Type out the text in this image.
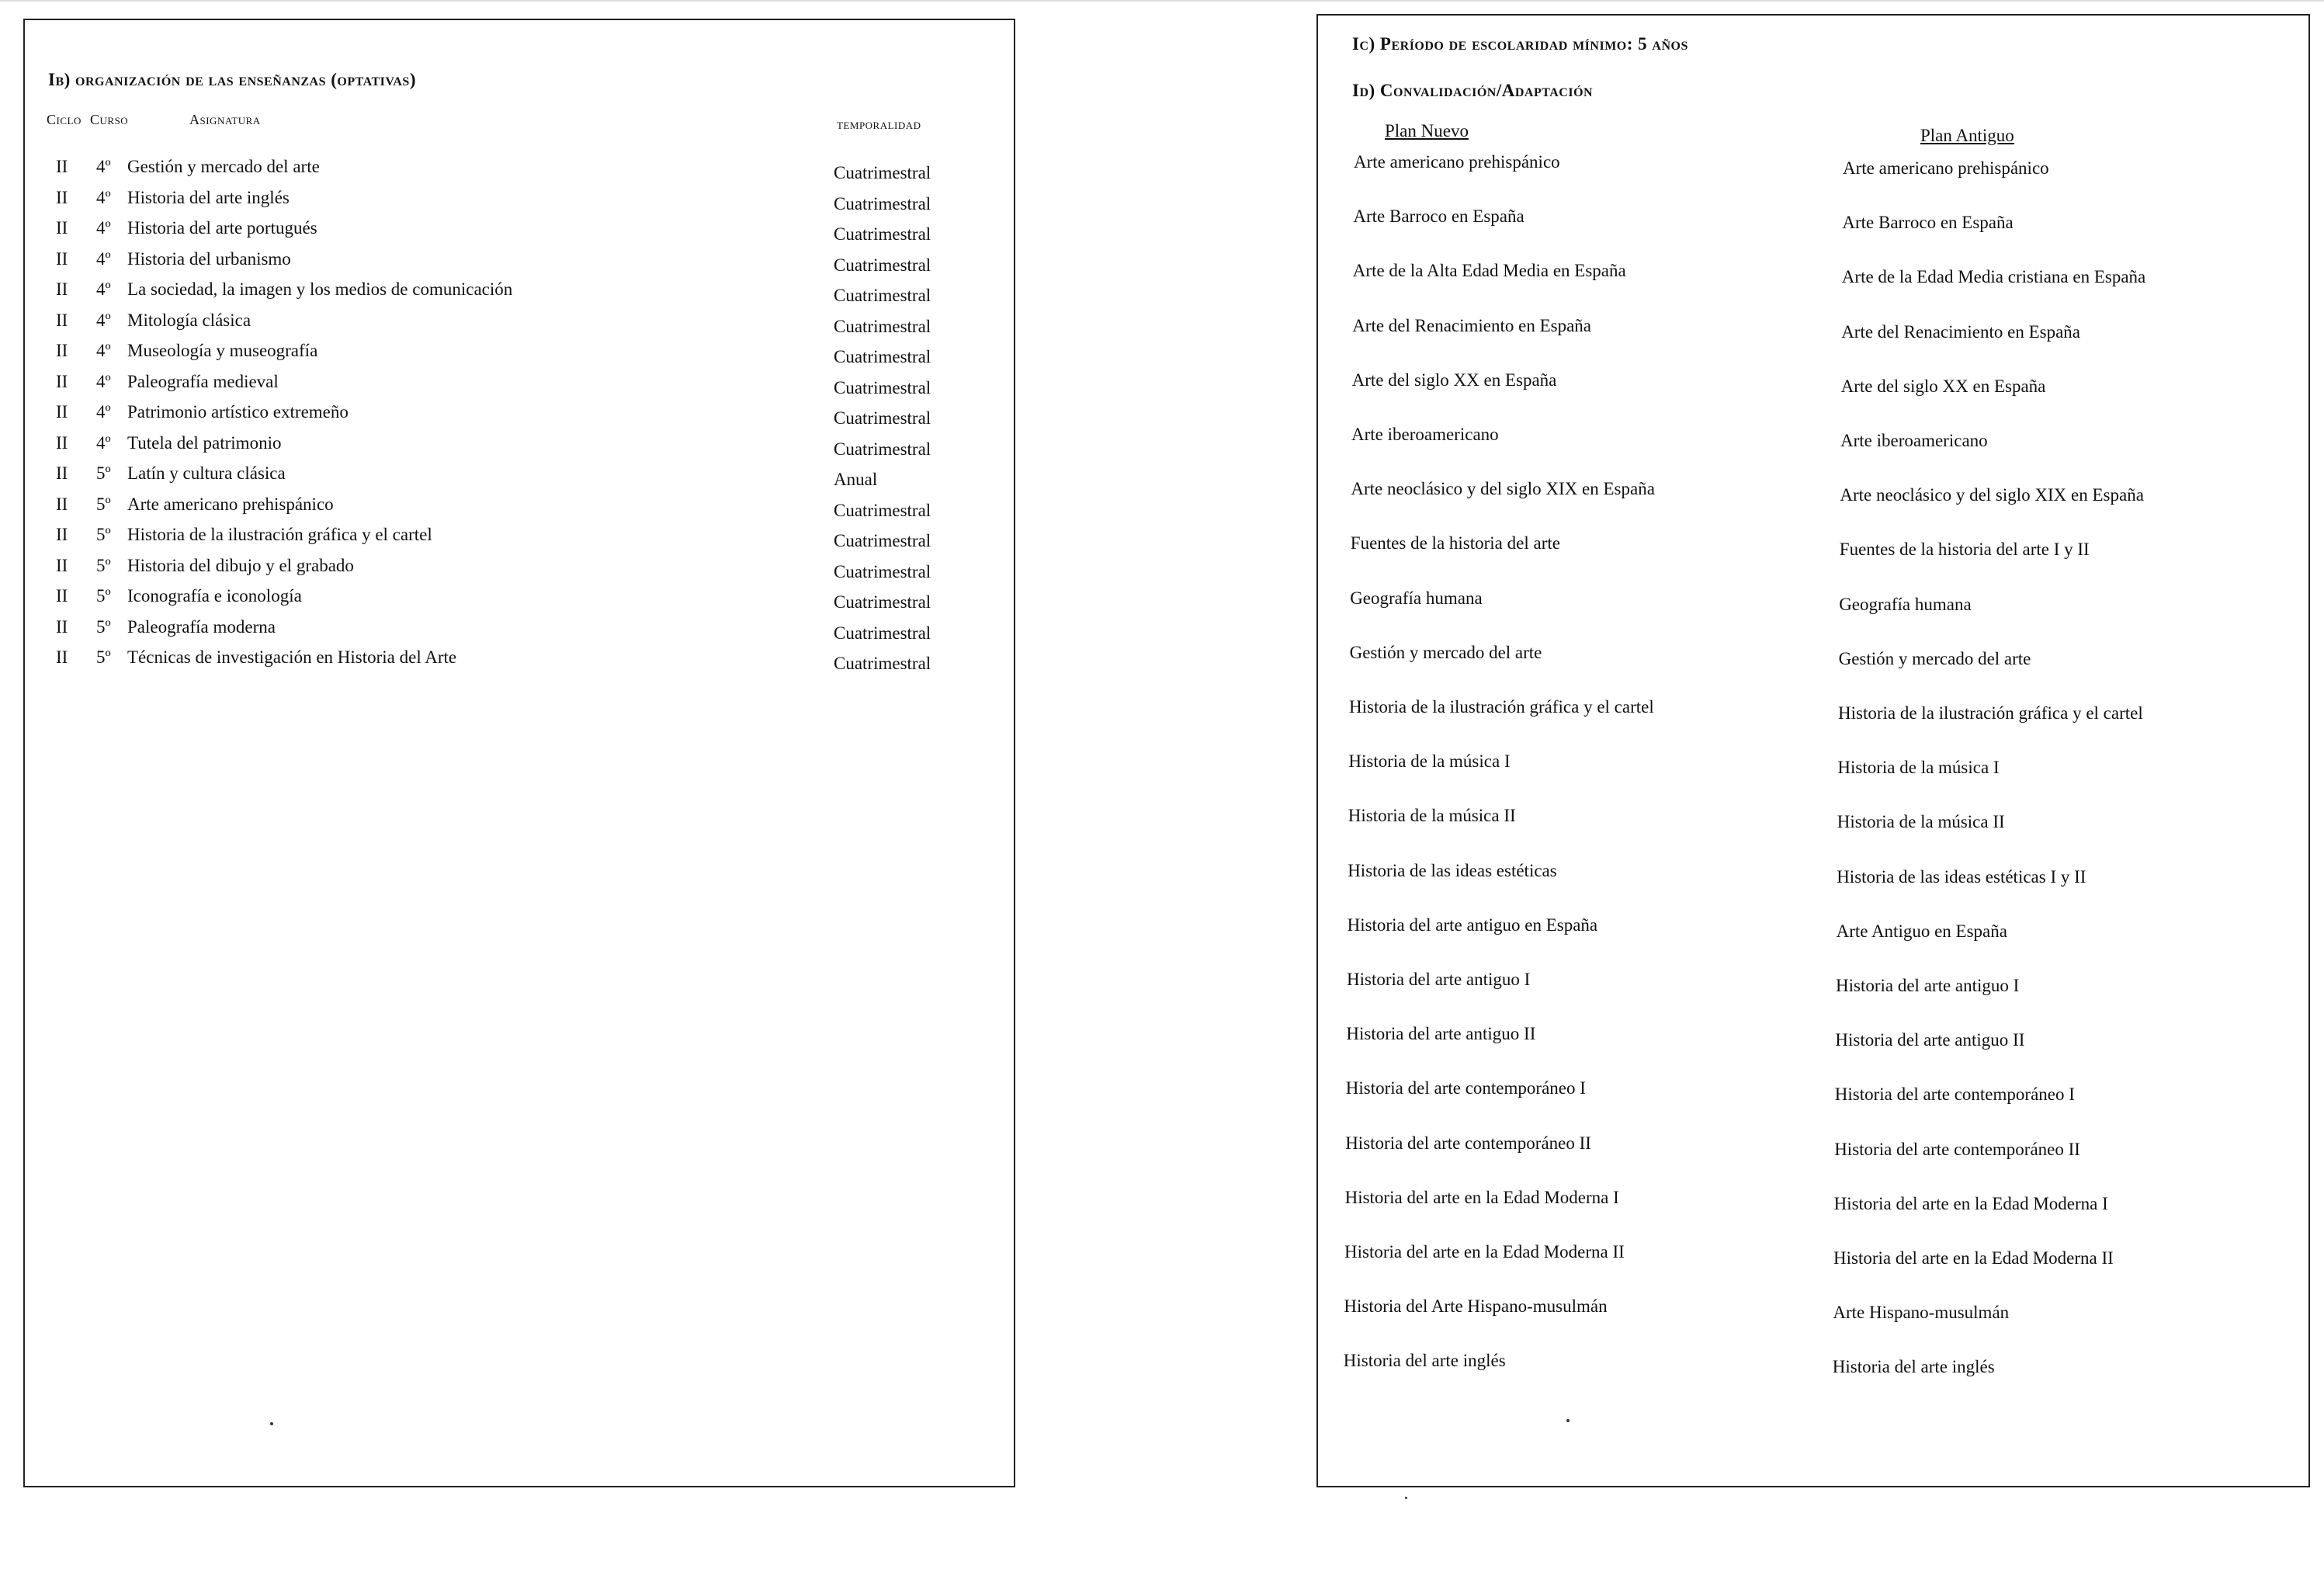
Ib) organización de las enseñanzas (optativas)
Ciclo Curso	Asignatura	temporalidad
II 4º Gestión y mercado del arte	Cuatrimestral
II 4º Historia del arte inglés	Cuatrimestral
II 4º Historia del arte portugués	Cuatrimestral
II 4º Historia del urbanismo	Cuatrimestral
II 4º La sociedad, la imagen y los medios de comunicación	Cuatrimestral
II 4º Mitología clásica	Cuatrimestral
II 4º Museología y museografía	Cuatrimestral
II 4º Paleografía medieval	Cuatrimestral
II 4º Patrimonio artístico extremeño	Cuatrimestral
II 4º Tutela del patrimonio	Cuatrimestral
II 5º Latín y cultura clásica	Anual
II 5º Arte americano prehispánico	Cuatrimestral
II 5º Historia de la ilustración gráfica y el cartel	Cuatrimestral
II 5º Historia del dibujo y el grabado	Cuatrimestral
II 5º Iconografía e iconología	Cuatrimestral
II 5º Paleografía moderna	Cuatrimestral
II 5º Técnicas de investigación en Historia del Arte	Cuatrimestral
Ic) Período de escolaridad mínimo: 5 años
Id) Convalidación/Adaptación
Plan Nuevo	Plan Antiguo
Arte americano prehispánico	Arte americano prehispánico
Arte Barroco en España	Arte Barroco en España
Arte de la Alta Edad Media en España	Arte de la Edad Media cristiana en España
Arte del Renacimiento en España	Arte del Renacimiento en España
Arte del siglo XX en España	Arte del siglo XX en España
Arte iberoamericano	Arte iberoamericano
Arte neoclásico y del siglo XIX en España	Arte neoclásico y del siglo XIX en España
Fuentes de la historia del arte	Fuentes de la historia del arte I y II
Geografía humana	Geografía humana
Gestión y mercado del arte	Gestión y mercado del arte
Historia de la ilustración gráfica y el cartel	Historia de la ilustración gráfica y el cartel
Historia de la música I	Historia de la música I
Historia de la música II	Historia de la música II
Historia de las ideas estéticas	Historia de las ideas estéticas I y II
Historia del arte antiguo en España	Arte Antiguo en España
Historia del arte antiguo I	Historia del arte antiguo I
Historia del arte antiguo II	Historia del arte antiguo II
Historia del arte contemporáneo I	Historia del arte contemporáneo I
Historia del arte contemporáneo II	Historia del arte contemporáneo II
Historia del arte en la Edad Moderna I	Historia del arte en la Edad Moderna I
Historia del arte en la Edad Moderna II	Historia del arte en la Edad Moderna II
Historia del Arte Hispano-musulmán	Arte Hispano-musulmán
Historia del arte inglés	Historia del arte inglés
